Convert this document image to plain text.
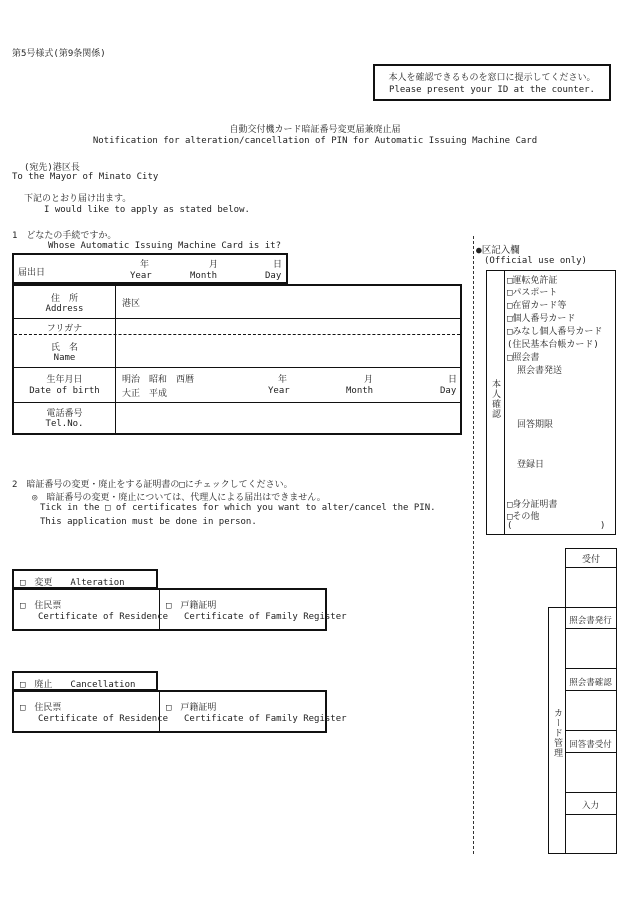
第5号様式(第9条関係)
本人を確認できるものを窓口に提示してください。
Please present your ID at the counter.
自動交付機カード暗証番号変更届兼廃止届
Notification for alteration/cancellation of PIN for Automatic Issuing Machine Card
(宛先)港区長
To the Mayor of Minato City
下記のとおり届け出ます。
I would like to apply as stated below.
1　どなたの手続ですか。
Whose Automatic Issuing Machine Card is it?
届出日
年
Year
月
Month
日
Day
住　所
Address	港区
フリガナ
氏　名
Name
生年月日
Date of birth
明治　昭和　西暦
大正　平成
年
Year
月
Month
日
Day
電話番号
Tel.No.
2　暗証番号の変更・廃止をする証明書の□にチェックしてください。
◎　暗証番号の変更・廃止については、代理人による届出はできません。
Tick in the □ of certificates for which you want to alter/cancel the PIN.
This application must be done in person.
□　変更　　Alteration
□　住民票
Certificate of Residence
□　戸籍証明
Certificate of Family Register
□　廃止　　Cancellation
□　住民票
Certificate of Residence
□　戸籍証明
Certificate of Family Register
●区記入欄
(Official use only)
本人確認
□運転免許証
□パスポート
□在留カード等
□個人番号カード
□みなし個人番号カード
(住民基本台帳カード)
□照会書
照会書発送
回答期限
登録日
□身分証明書
□その他
(	)
受付
カード管理
照会書発行
照会書確認
回答書受付
入力
